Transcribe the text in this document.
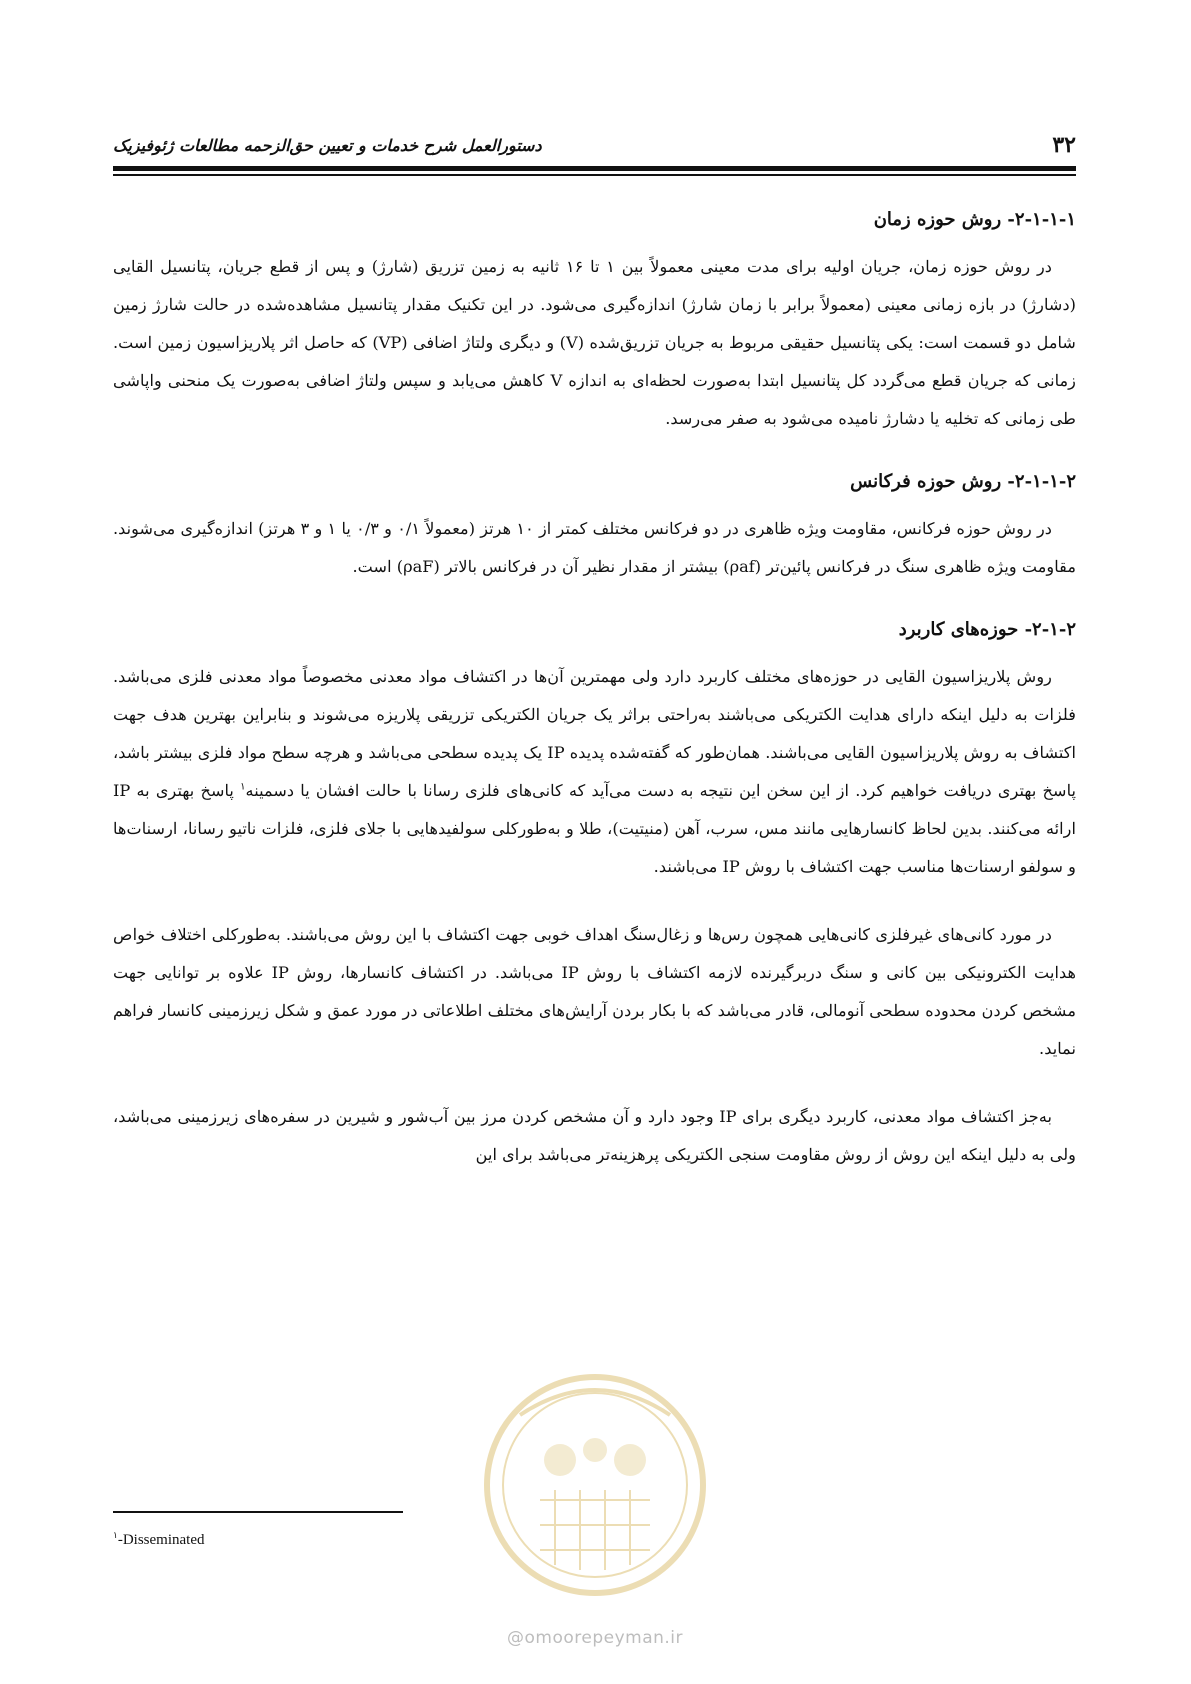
۳۲
دستورالعمل شرح خدمات و تعیین حق‌الزحمه مطالعات ژئوفیزیک
۲-۱-۱-۱- روش حوزه زمان

در روش حوزه زمان، جریان اولیه برای مدت معینی معمولاً بین ۱ تا ۱۶ ثانیه به زمین تزریق (شارژ) و پس از قطع جریان، پتانسیل القایی (دشارژ) در بازه زمانی معینی (معمولاً برابر با زمان شارژ) اندازه‌گیری می‌شود. در این تکنیک مقدار پتانسیل مشاهده‌شده در حالت شارژ زمین شامل دو قسمت است: یکی پتانسیل حقیقی مربوط به جریان تزریق‌شده (V) و دیگری ولتاژ اضافی (VP) که حاصل اثر پلاریزاسیون زمین است. زمانی که جریان قطع می‌گردد کل پتانسیل ابتدا به‌صورت لحظه‌ای به اندازه V کاهش می‌یابد و سپس ولتاژ اضافی به‌صورت یک منحنی واپاشی طی زمانی که تخلیه یا دشارژ نامیده می‌شود به صفر می‌رسد.

۲-۱-۱-۲- روش حوزه فرکانس

در روش حوزه فرکانس، مقاومت ویژه ظاهری در دو فرکانس مختلف کمتر از ۱۰ هرتز (معمولاً ۰/۱ و ۰/۳ یا ۱ و ۳ هرتز) اندازه‌گیری می‌شوند. مقاومت ویژه ظاهری سنگ در فرکانس پائین‌تر (ρaf) بیشتر از مقدار نظیر آن در فرکانس بالاتر (ρaF) است.

۲-۱-۲- حوزه‌های کاربرد

روش پلاریزاسیون القایی در حوزه‌های مختلف کاربرد دارد ولی مهمترین آن‌ها در اکتشاف مواد معدنی مخصوصاً مواد معدنی فلزی می‌باشد. فلزات به دلیل اینکه دارای هدایت الکتریکی می‌باشند به‌راحتی براثر یک جریان الکتریکی تزریقی پلاریزه می‌شوند و بنابراین بهترین هدف جهت اکتشاف به روش پلاریزاسیون القایی می‌باشند. همان‌طور که گفته‌شده پدیده IP یک پدیده سطحی می‌باشد و هرچه سطح مواد فلزی بیشتر باشد، پاسخ بهتری دریافت خواهیم کرد. از این سخن این نتیجه به دست می‌آید که کانی‌های فلزی رسانا با حالت افشان یا دسمینه$^۱$ پاسخ بهتری به IP ارائه می‌کنند. بدین لحاظ کانسارهایی مانند مس، سرب، آهن (منیتیت)، طلا و به‌طورکلی سولفیدهایی با جلای فلزی، فلزات ناتیو رسانا، ارسنات‌ها و سولفو ارسنات‌ها مناسب جهت اکتشاف با روش IP می‌باشند.

در مورد کانی‌های غیرفلزی کانی‌هایی همچون رس‌ها و زغال‌سنگ اهداف خوبی جهت اکتشاف با این روش می‌باشند. به‌طورکلی اختلاف خواص هدایت الکترونیکی بین کانی و سنگ دربرگیرنده لازمه اکتشاف با روش IP می‌باشد. در اکتشاف کانسارها، روش IP علاوه بر توانایی جهت مشخص کردن محدوده سطحی آنومالی، قادر می‌باشد که با بکار بردن آرایش‌های مختلف اطلاعاتی در مورد عمق و شکل زیرزمینی کانسار فراهم نماید.

به‌جز اکتشاف مواد معدنی، کاربرد دیگری برای IP وجود دارد و آن مشخص کردن مرز بین آب‌شور و شیرین در سفره‌های زیرزمینی می‌باشد، ولی به دلیل اینکه این روش از روش مقاومت سنجی الکتریکی پرهزینه‌تر می‌باشد برای این

@omoorepeyman.ir
$^۱$-Disseminated
